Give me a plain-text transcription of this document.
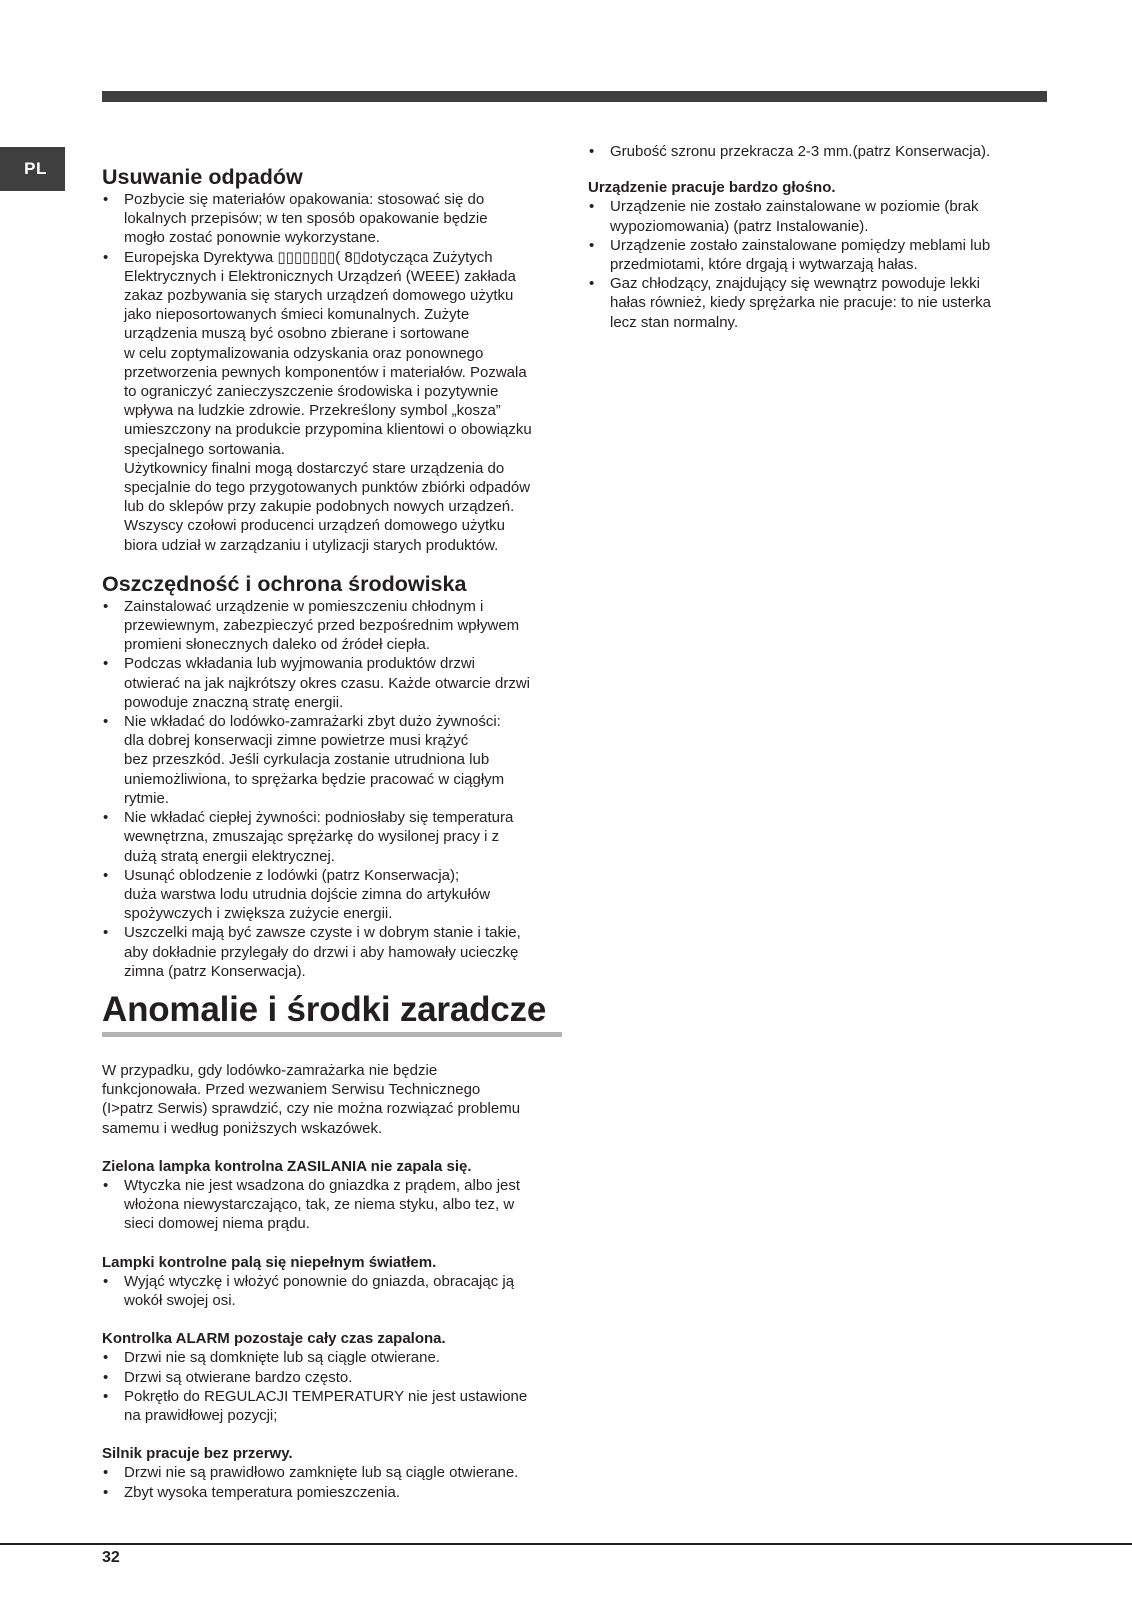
PL	Usuwanie odpadów
• Pozbycie się materiałów opakowania: stosować się do
lokalnych przepisów; w ten sposób opakowanie będzie
mogło zostać ponownie wykorzystane.
• Europejska Dyrektywa ▯▯▯▯▯▯▯( 8▯dotycząca Zużytych
Elektrycznych i Elektronicznych Urządzeń (WEEE) zakłada
zakaz pozbywania się starych urządzeń domowego użytku
jako nieposortowanych śmieci komunalnych. Zużyte
urządzenia muszą być osobno zbierane i sortowane
w celu zoptymalizowania odzyskania oraz ponownego
przetworzenia pewnych komponentów i materiałów. Pozwala
to ograniczyć zanieczyszczenie środowiska i pozytywnie
wpływa na ludzkie zdrowie. Przekreślony symbol „kosza”
umieszczony na produkcie przypomina klientowi o obowiązku
specjalnego sortowania.
Użytkownicy finalni mogą dostarczyć stare urządzenia do
specjalnie do tego przygotowanych punktów zbiórki odpadów
lub do sklepów przy zakupie podobnych nowych urządzeń.
Wszyscy czołowi producenci urządzeń domowego użytku
biora udział w zarządzaniu i utylizacji starych produktów.
Oszczędność i ochrona środowiska
• Zainstalować urządzenie w pomieszczeniu chłodnym i
przewiewnym, zabezpieczyć przed bezpośrednim wpływem
promieni słonecznych daleko od źródeł ciepła.
• Podczas wkładania lub wyjmowania produktów drzwi
otwierać na jak najkrótszy okres czasu. Każde otwarcie drzwi
powoduje znaczną stratę energii.
• Nie wkładać do lodówko-zamrażarki zbyt dużo żywności:
dla dobrej konserwacji zimne powietrze musi krążyć
bez przeszkód. Jeśli cyrkulacja zostanie utrudniona lub
uniemożliwiona, to sprężarka będzie pracować w ciągłym
rytmie.
• Nie wkładać ciepłej żywności: podniosłaby się temperatura
wewnętrzna, zmuszając sprężarkę do wysilonej pracy i z
dużą stratą energii elektrycznej.
• Usunąć oblodzenie z lodówki (patrz Konserwacja);
duża warstwa lodu utrudnia dojście zimna do artykułów
spożywczych i zwiększa zużycie energii.
• Uszczelki mają być zawsze czyste i w dobrym stanie i takie,
aby dokładnie przylegały do drzwi i aby hamowały ucieczkę
zimna (patrz Konserwacja).
Anomalie i środki zaradcze

W przypadku, gdy lodówko-zamrażarka nie będzie
funkcjonowała. Przed wezwaniem Serwisu Technicznego
(I>patrz Serwis) sprawdzić, czy nie można rozwiązać problemu
samemu i według poniższych wskazówek.

Zielona lampka kontrolna ZASILANIA nie zapala się.
• Wtyczka nie jest wsadzona do gniazdka z prądem, albo jest
włożona niewystarczająco, tak, ze niema styku, albo tez, w
sieci domowej niema prądu.
Lampki kontrolne palą się niepełnym światłem.
• Wyjąć wtyczkę i włożyć ponownie do gniazda, obracając ją
wokół swojej osi.
Kontrolka ALARM pozostaje cały czas zapalona.
• Drzwi nie są domknięte lub są ciągle otwierane.
• Drzwi są otwierane bardzo często.
• Pokrętło do REGULACJI TEMPERATURY nie jest ustawione
na prawidłowej pozycji;
Silnik pracuje bez przerwy.
• Drzwi nie są prawidłowo zamknięte lub są ciągle otwierane.
• Zbyt wysoka temperatura pomieszczenia.
• Grubość szronu przekracza 2-3 mm.(patrz Konserwacja).
Urządzenie pracuje bardzo głośno.
• Urządzenie nie zostało zainstalowane w poziomie (brak
wypoziomowania) (patrz Instalowanie).
• Urządzenie zostało zainstalowane pomiędzy meblami lub
przedmiotami, które drgają i wytwarzają hałas.
• Gaz chłodzący, znajdujący się wewnątrz powoduje lekki
hałas również, kiedy sprężarka nie pracuje: to nie usterka
lecz stan normalny.
32
